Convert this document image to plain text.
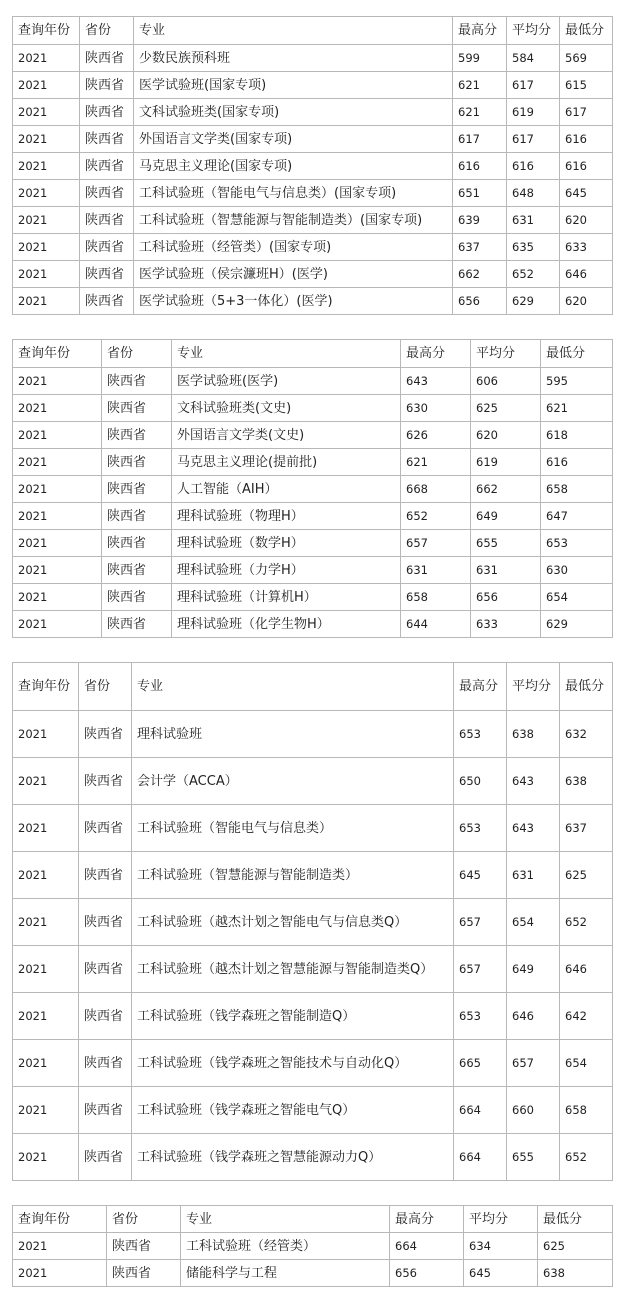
查询年份	省份	专业	最高分	平均分	最低分
2021	陕西省	少数民族预科班	599	584	569
2021	陕西省	医学试验班(国家专项)	621	617	615
2021	陕西省	文科试验班类(国家专项)	621	619	617
2021	陕西省	外国语言文学类(国家专项)	617	617	616
2021	陕西省	马克思主义理论(国家专项)	616	616	616
2021	陕西省	工科试验班（智能电气与信息类）(国家专项)	651	648	645
2021	陕西省	工科试验班（智慧能源与智能制造类）(国家专项)	639	631	620
2021	陕西省	工科试验班（经管类）(国家专项)	637	635	633
2021	陕西省	医学试验班（侯宗濂班H）(医学)	662	652	646
2021	陕西省	医学试验班（5+3一体化）(医学)	656	629	620
查询年份	省份	专业	最高分	平均分	最低分
2021	陕西省	医学试验班(医学)	643	606	595
2021	陕西省	文科试验班类(文史)	630	625	621
2021	陕西省	外国语言文学类(文史)	626	620	618
2021	陕西省	马克思主义理论(提前批)	621	619	616
2021	陕西省	人工智能（AIH）	668	662	658
2021	陕西省	理科试验班（物理H）	652	649	647
2021	陕西省	理科试验班（数学H）	657	655	653
2021	陕西省	理科试验班（力学H）	631	631	630
2021	陕西省	理科试验班（计算机H）	658	656	654
2021	陕西省	理科试验班（化学生物H）	644	633	629
查询年份	省份	专业	最高分	平均分	最低分
2021	陕西省	理科试验班	653	638	632
2021	陕西省	会计学（ACCA）	650	643	638
2021	陕西省	工科试验班（智能电气与信息类）	653	643	637
2021	陕西省	工科试验班（智慧能源与智能制造类）	645	631	625
2021	陕西省	工科试验班（越杰计划之智能电气与信息类Q）	657	654	652
2021	陕西省	工科试验班（越杰计划之智慧能源与智能制造类Q）	657	649	646
2021	陕西省	工科试验班（钱学森班之智能制造Q）	653	646	642
2021	陕西省	工科试验班（钱学森班之智能技术与自动化Q）	665	657	654
2021	陕西省	工科试验班（钱学森班之智能电气Q）	664	660	658
2021	陕西省	工科试验班（钱学森班之智慧能源动力Q）	664	655	652
查询年份	省份	专业	最高分	平均分	最低分
2021	陕西省	工科试验班（经管类）	664	634	625
2021	陕西省	储能科学与工程	656	645	638
